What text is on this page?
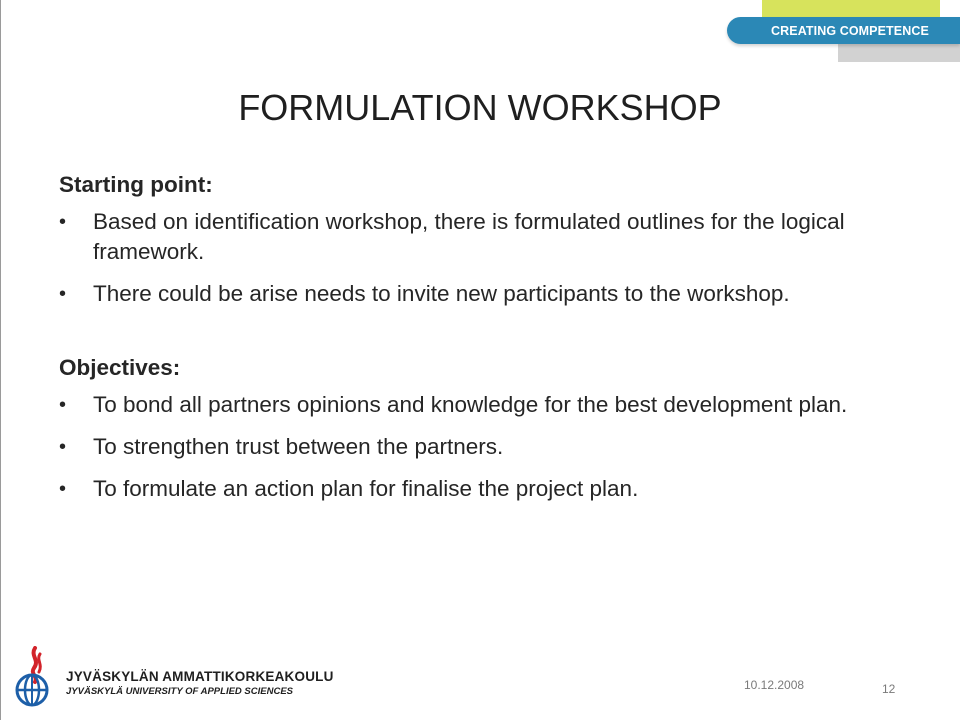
CREATING COMPETENCE
FORMULATION WORKSHOP
Starting point:
• Based on identification workshop, there is formulated outlines for the logical framework.
• There could be arise needs to invite new participants to the workshop.
Objectives:
• To bond all partners opinions and knowledge for the best development plan.
• To strengthen trust between the partners.
• To formulate an action plan for finalise the project plan.
JYVÄSKYLÄN AMMATTIKORKEAKOULU
JYVÄSKYLÄ UNIVERSITY OF APPLIED SCIENCES	10.12.2008	12
